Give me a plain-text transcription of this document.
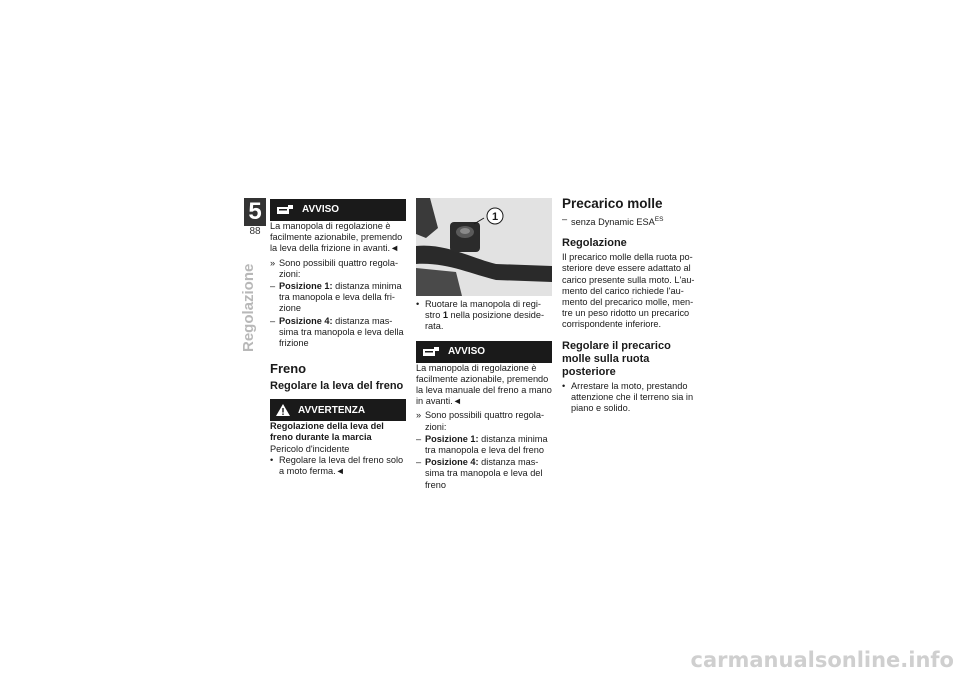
5
88
Regolazione
AVVISO

La manopola di regolazione è facilmente azionabile, premendo la leva della frizione in avanti.◄

» Sono possibili quattro regola- zioni:
– Posizione 1: distanza minima tra manopola e leva della fri- zione
– Posizione 4: distanza mas- sima tra manopola e leva della frizione
Freno
Regolare la leva del freno
AVVERTENZA

Regolazione della leva del freno durante la marcia

Pericolo d'incidente

• Regolare la leva del freno solo a moto ferma.◄
1
• Ruotare la manopola di regi- stro 1 nella posizione deside- rata.
AVVISO

La manopola di regolazione è facilmente azionabile, premendo la leva manuale del freno a mano in avanti.◄

» Sono possibili quattro regola- zioni:
– Posizione 1: distanza minima tra manopola e leva del freno
– Posizione 4: distanza mas- sima tra manopola e leva del freno
Precarico molle
– senza Dynamic $ESA^{ES}$
Regolazione

Il precarico molle della ruota po- steriore deve essere adattato al carico presente sulla moto. L'au- mento del carico richiede l'au- mento del precarico molle, men- tre un peso ridotto un precarico corrispondente inferiore.

Regolare il precarico molle sulla ruota posteriore
• Arrestare la moto, prestando attenzione che il terreno sia in piano e solido.
carmanualsonline.info
